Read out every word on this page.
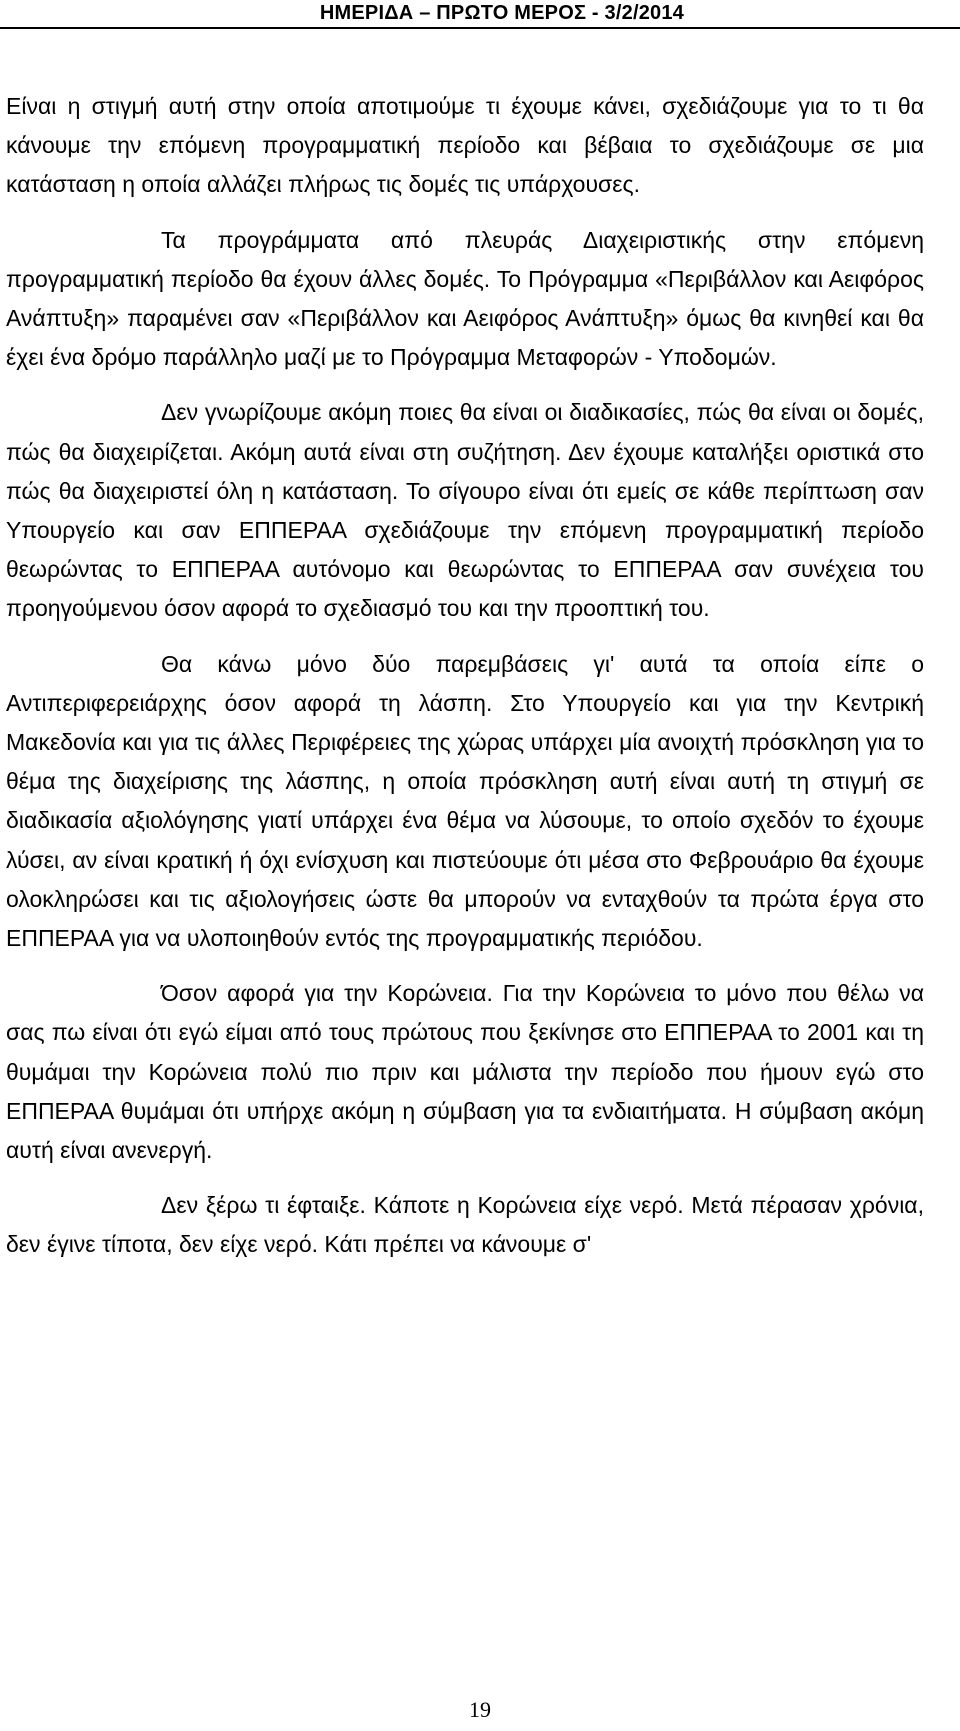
ΗΜΕΡΙΔΑ – ΠΡΩΤΟ ΜΕΡΟΣ - 3/2/2014

Είναι η στιγμή αυτή στην οποία αποτιμούμε τι έχουμε κάνει, σχεδιάζουμε για το τι θα κάνουμε την επόμενη προγραμματική περίοδο και βέβαια το σχεδιάζουμε σε μια κατάσταση η οποία αλλάζει πλήρως τις δομές τις υπάρχουσες.

Τα προγράμματα από πλευράς Διαχειριστικής στην επόμενη προγραμματική περίοδο θα έχουν άλλες δομές. Το Πρόγραμμα «Περιβάλλον και Αειφόρος Ανάπτυξη» παραμένει σαν «Περιβάλλον και Αειφόρος Ανάπτυξη» όμως θα κινηθεί και θα έχει ένα δρόμο παράλληλο μαζί με το Πρόγραμμα Μεταφορών - Υποδομών.

Δεν γνωρίζουμε ακόμη ποιες θα είναι οι διαδικασίες, πώς θα είναι οι δομές, πώς θα διαχειρίζεται. Ακόμη αυτά είναι στη συζήτηση. Δεν έχουμε καταλήξει οριστικά στο πώς θα διαχειριστεί όλη η κατάσταση. Το σίγουρο είναι ότι εμείς σε κάθε περίπτωση σαν Υπουργείο και σαν ΕΠΠΕΡΑΑ σχεδιάζουμε την επόμενη προγραμματική περίοδο θεωρώντας το ΕΠΠΕΡΑΑ αυτόνομο και θεωρώντας το ΕΠΠΕΡΑΑ σαν συνέχεια του προηγούμενου όσον αφορά το σχεδιασμό του και την προοπτική του.

Θα κάνω μόνο δύο παρεμβάσεις γι' αυτά τα οποία είπε ο Αντιπεριφερειάρχης όσον αφορά τη λάσπη. Στο Υπουργείο και για την Κεντρική Μακεδονία και για τις άλλες Περιφέρειες της χώρας υπάρχει μία ανοιχτή πρόσκληση για το θέμα της διαχείρισης της λάσπης, η οποία πρόσκληση αυτή είναι αυτή τη στιγμή σε διαδικασία αξιολόγησης γιατί υπάρχει ένα θέμα να λύσουμε, το οποίο σχεδόν το έχουμε λύσει, αν είναι κρατική ή όχι ενίσχυση και πιστεύουμε ότι μέσα στο Φεβρουάριο θα έχουμε ολοκληρώσει και τις αξιολογήσεις ώστε θα μπορούν να ενταχθούν τα πρώτα έργα στο ΕΠΠΕΡΑΑ για να υλοποιηθούν εντός της προγραμματικής περιόδου.

Όσον αφορά για την Κορώνεια. Για την Κορώνεια το μόνο που θέλω να σας πω είναι ότι εγώ είμαι από τους πρώτους που ξεκίνησε στο ΕΠΠΕΡΑΑ το 2001 και τη θυμάμαι την Κορώνεια πολύ πιο πριν και μάλιστα την περίοδο που ήμουν εγώ στο ΕΠΠΕΡΑΑ θυμάμαι ότι υπήρχε ακόμη η σύμβαση για τα ενδιαιτήματα. Η σύμβαση ακόμη αυτή είναι ανενεργή.

Δεν ξέρω τι έφταιξε. Κάποτε η Κορώνεια είχε νερό. Μετά πέρασαν χρόνια, δεν έγινε τίποτα, δεν είχε νερό. Κάτι πρέπει να κάνουμε σ'

19
